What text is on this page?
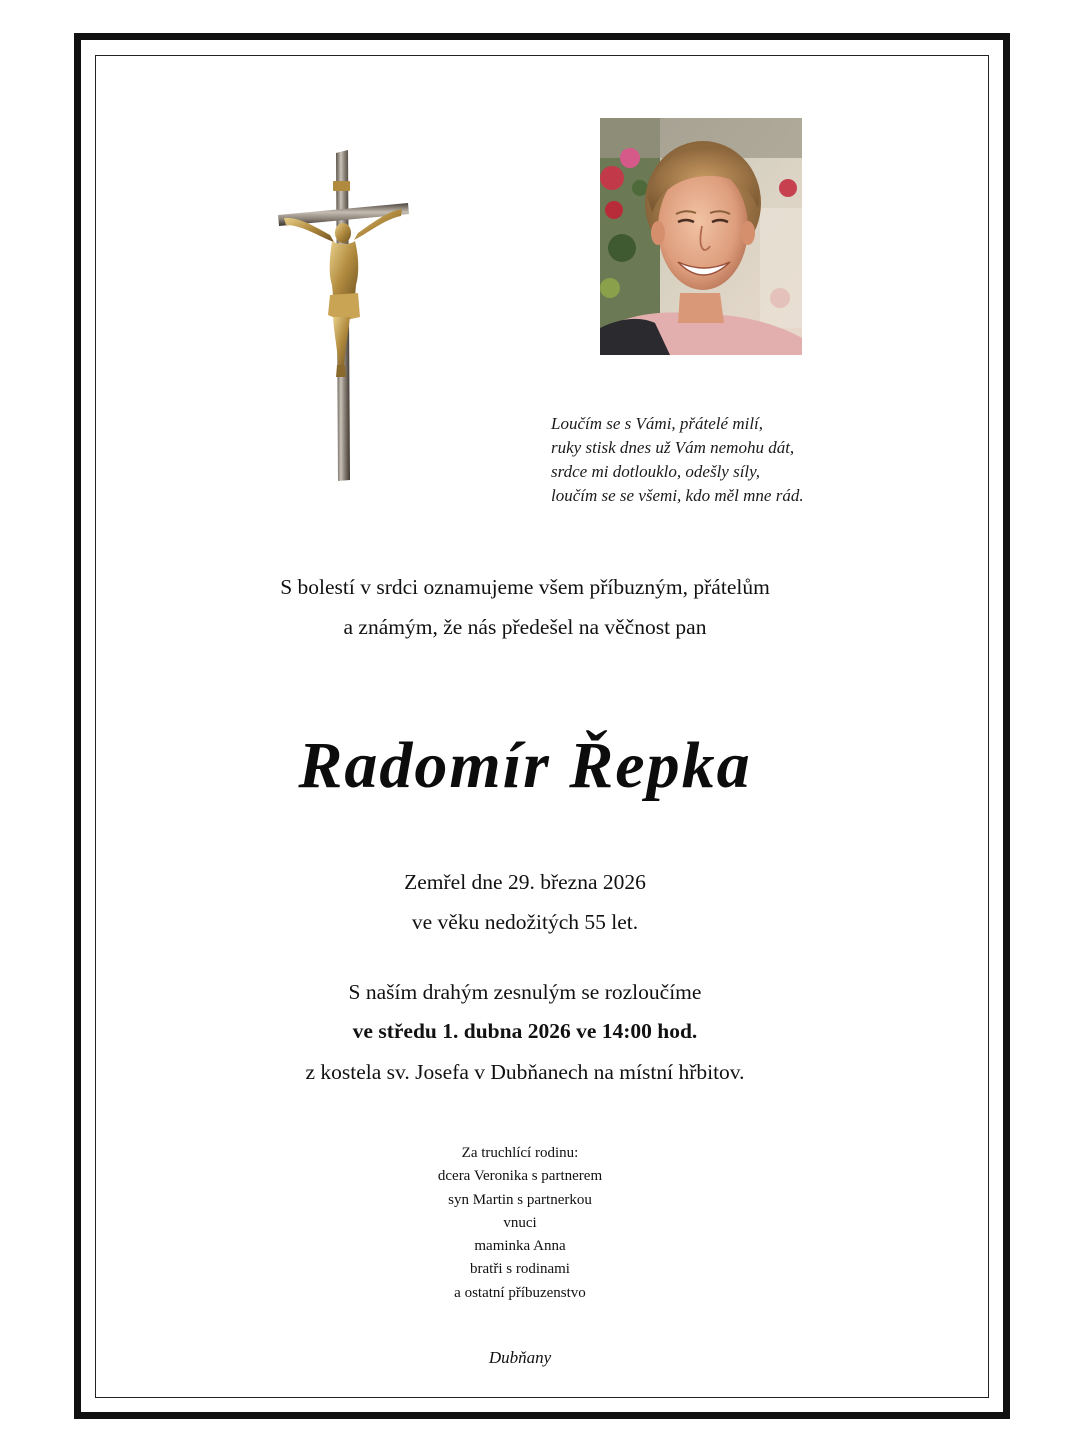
Loučím se s Vámi, přátelé milí,
ruky stisk dnes už Vám nemohu dát,
srdce mi dotlouklo, odešly síly,
loučím se se všemi, kdo měl mne rád.
S bolestí v srdci oznamujeme všem příbuzným, přátelům
a známým, že nás předešel na věčnost pan
Radomír Řepka
Zemřel dne 29. března 2026
ve věku nedožitých 55 let.
S naším drahým zesnulým se rozloučíme
ve středu 1. dubna 2026 ve 14:00 hod.
z kostela sv. Josefa v Dubňanech na místní hřbitov.
Za truchlící rodinu:
dcera Veronika s partnerem
syn Martin s partnerkou
vnuci
maminka Anna
bratři s rodinami
a ostatní příbuzenstvo
Dubňany
